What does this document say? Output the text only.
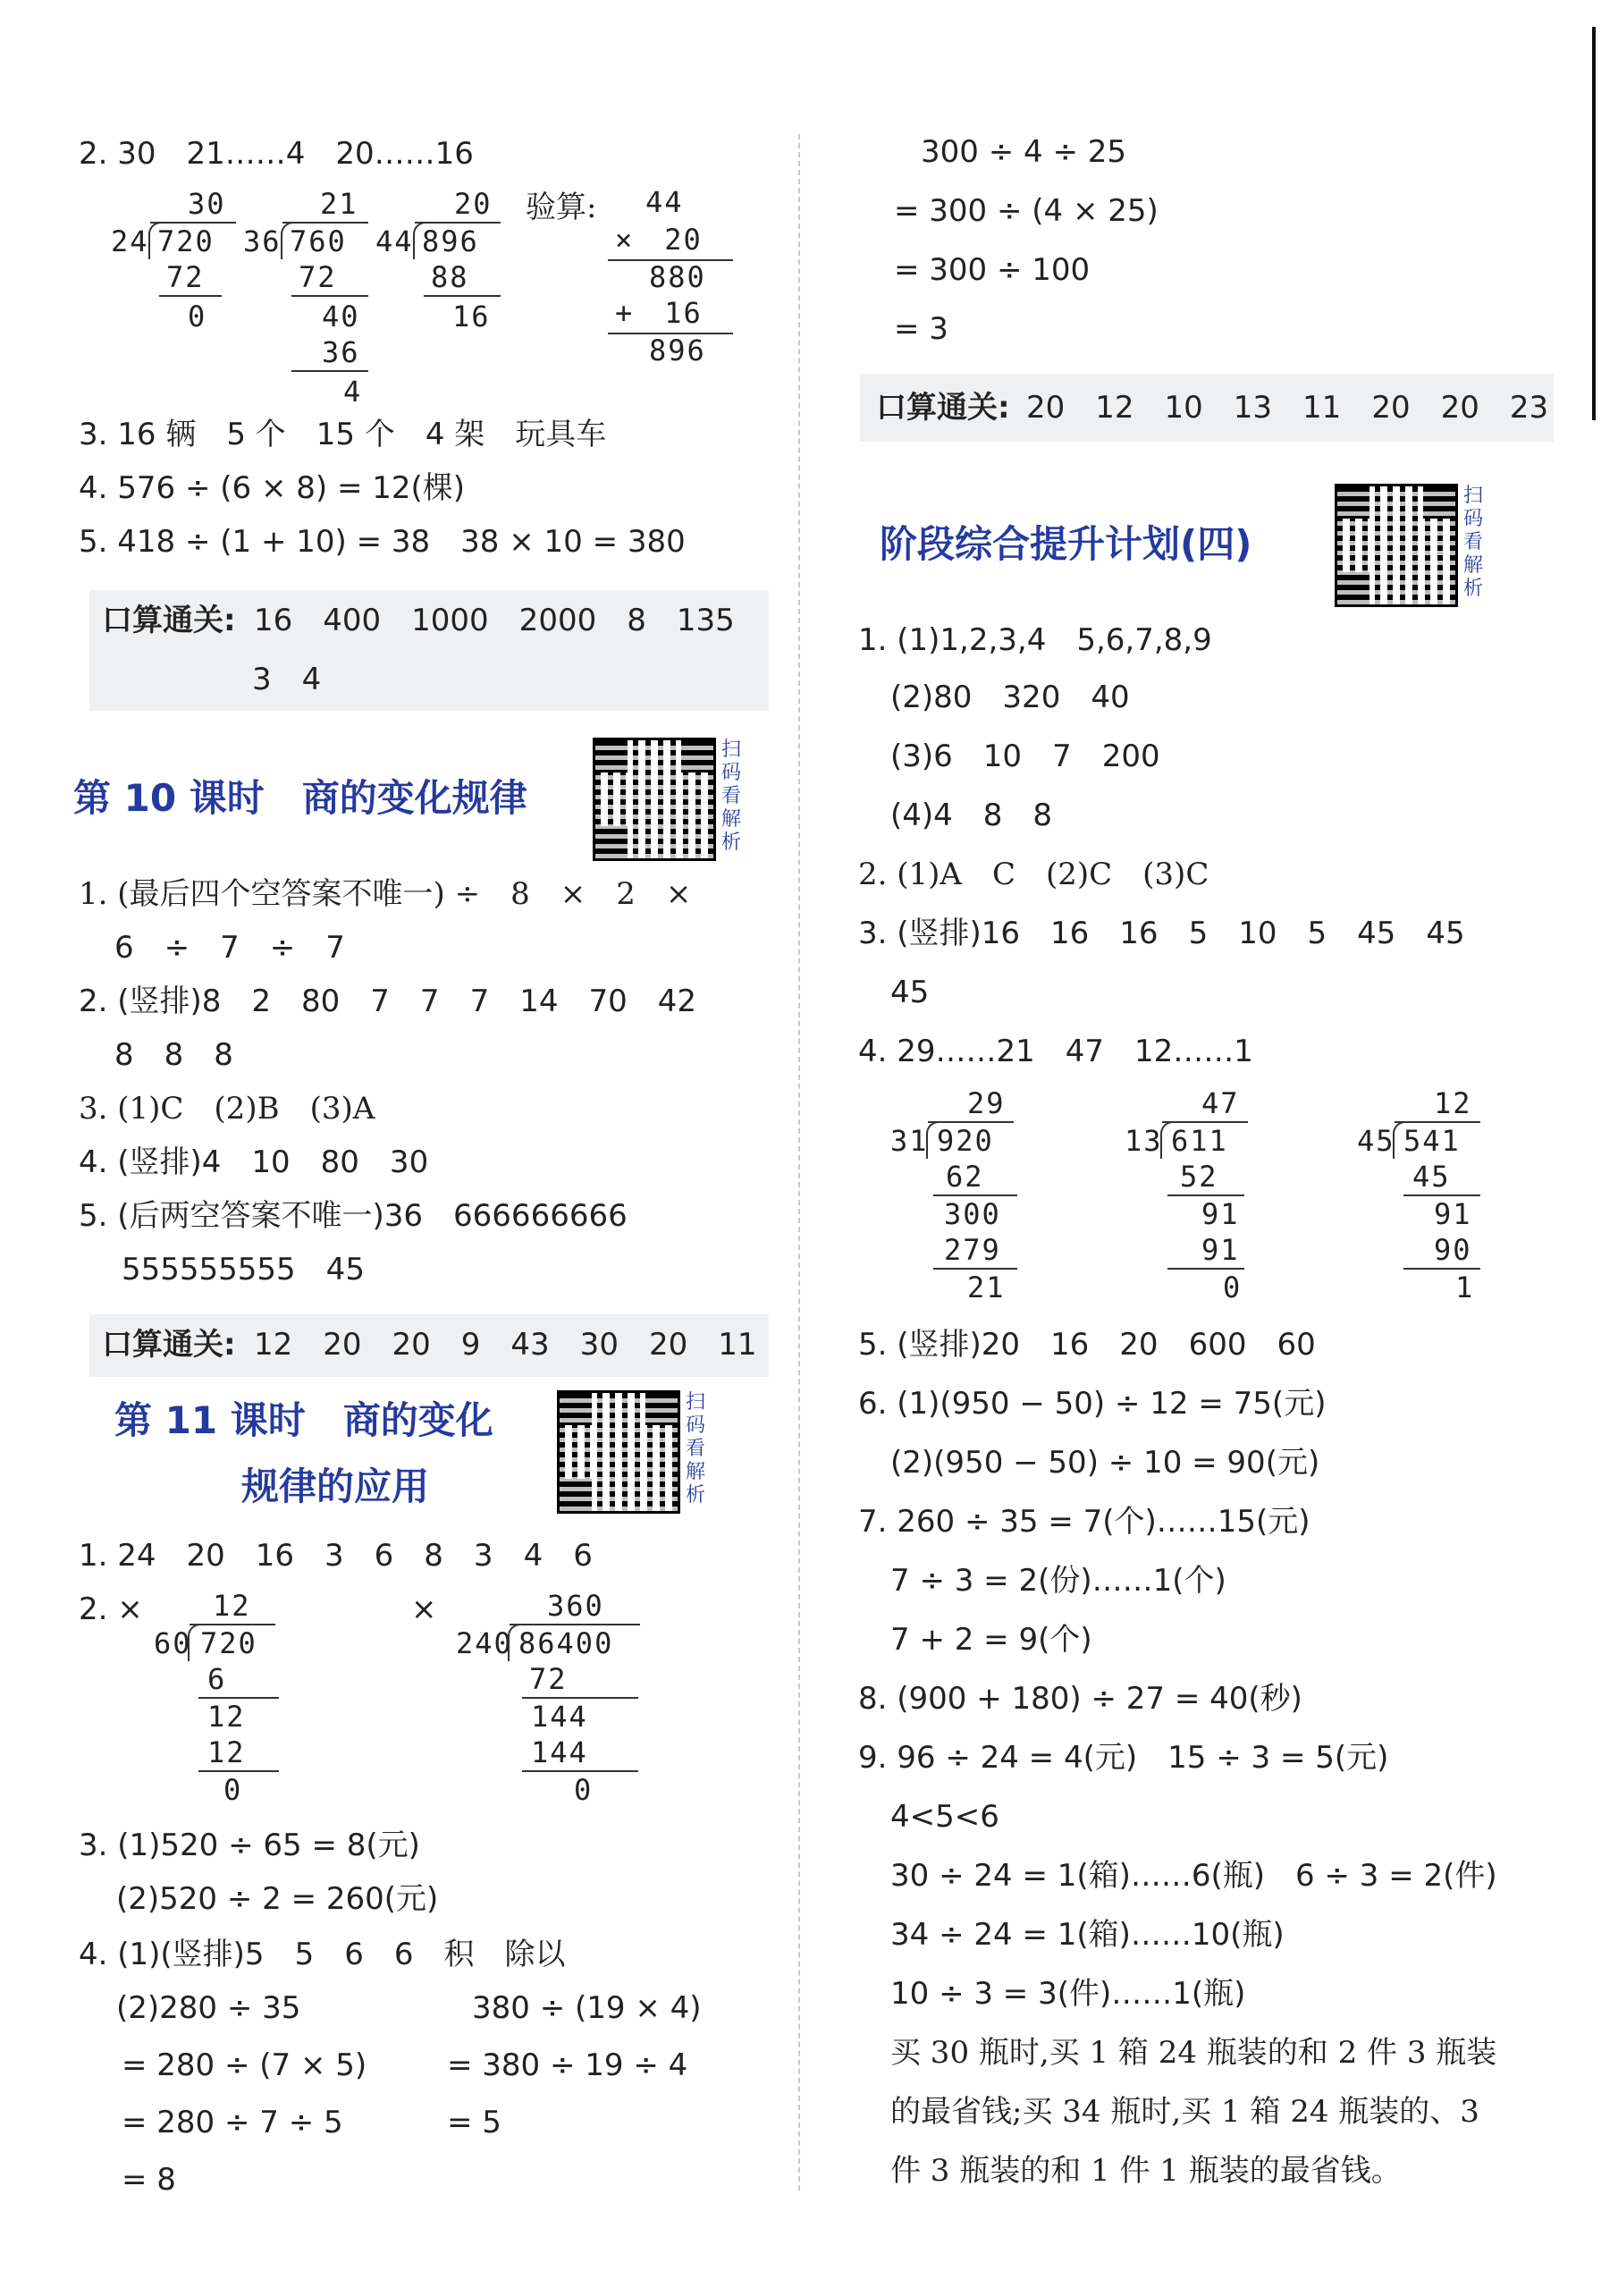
2. 30　21……4　20……16
30
24 720
72
0
21
36 760
72
40
36
4
20
44 896
88
16
验算: 44
×　20
880
+　16
896
3. 16 辆　5 个　15 个　4 架　玩具车
4. 576 ÷ (6 × 8) = 12(棵)
5. 418 ÷ (1 + 10) = 38　38 × 10 = 380
口算通关: 16　400　1000　2000　8　135
3　4
第 10 课时　商的变化规律
扫码看解析
1. (最后四个空答案不唯一) ÷　8　×　2　×
6　÷　7　÷　7
2. (竖排)8　2　80　7　7　7　14　70　42
8　8　8
3. (1)C　(2)B　(3)A
4. (竖排)4　10　80　30
5. (后两空答案不唯一)36　666666666
555555555　45
口算通关: 12　20　20　9　43　30　20　11
第 11 课时　商的变化
规律的应用
扫码看解析
1. 24　20　16　3　6　8　3　4　6
2. ×	×
12
60 720
6
12
12
0
360
240 86400
72
144
144
0
3. (1)520 ÷ 65 = 8(元)
(2)520 ÷ 2 = 260(元)
4. (1)(竖排)5　5　6　6　积　除以
(2)280 ÷ 35
= 280 ÷ (7 × 5)
= 280 ÷ 7 ÷ 5
= 8
380 ÷ (19 × 4)
= 380 ÷ 19 ÷ 4
= 5
300 ÷ 4 ÷ 25
= 300 ÷ (4 × 25)
= 300 ÷ 100
= 3
口算通关: 20　12　10　13　11　20　20　23
阶段综合提升计划(四)
扫码看解析
1. (1)1,2,3,4　5,6,7,8,9
(2)80　320　40
(3)6　10　7　200
(4)4　8　8
2. (1)A　C　(2)C　(3)C
3. (竖排)16　16　16　5　10　5　45　45
45
4. 29……21　47　12……1
29
31 920
62
300
279
21
47
13 611
52
91
91
0
12
45 541
45
91
90
1
5. (竖排)20　16　20　600　60
6. (1)(950 − 50) ÷ 12 = 75(元)
(2)(950 − 50) ÷ 10 = 90(元)
7. 260 ÷ 35 = 7(个)……15(元)
7 ÷ 3 = 2(份)……1(个)
7 + 2 = 9(个)
8. (900 + 180) ÷ 27 = 40(秒)
9. 96 ÷ 24 = 4(元)　15 ÷ 3 = 5(元)
4<5<6
30 ÷ 24 = 1(箱)……6(瓶)　6 ÷ 3 = 2(件)
34 ÷ 24 = 1(箱)……10(瓶)
10 ÷ 3 = 3(件)……1(瓶)
买 30 瓶时,买 1 箱 24 瓶装的和 2 件 3 瓶装
的最省钱;买 34 瓶时,买 1 箱 24 瓶装的、3
件 3 瓶装的和 1 件 1 瓶装的最省钱。
